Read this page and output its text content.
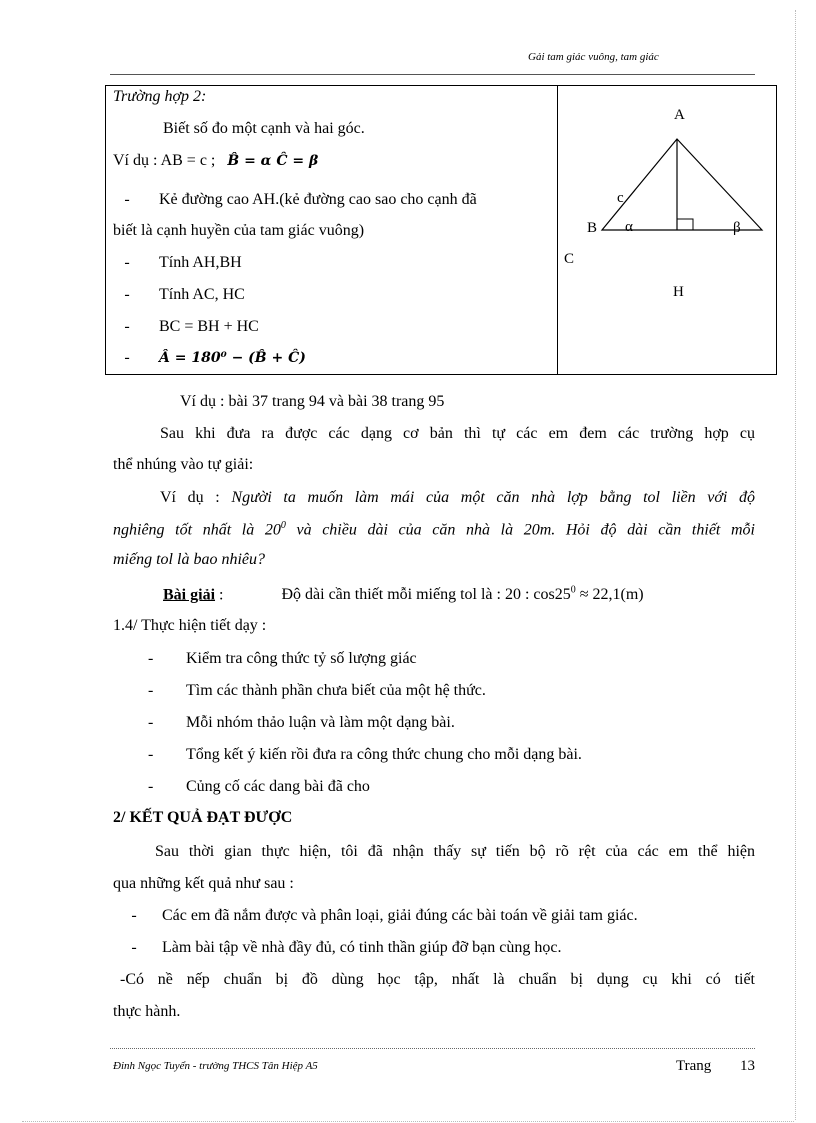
Gải tam giác vuông, tam giác
Trường hợp 2:
Biết số đo một cạnh và hai góc.
Ví dụ : AB = c ; B̂ = α Ĉ = β
- Kẻ đường cao AH.(kẻ đường cao sao cho cạnh đã
biết là cạnh huyền của tam giác vuông)
- Tính AH,BH
- Tính AC, HC
- BC = BH + HC
- Â = 180⁰ − (B̂ + Ĉ)
A
B
c
α	β
C
H
Ví dụ : bài 37 trang 94 và bài 38 trang 95
Sau khi đưa ra được các dạng cơ bản thì tự các em đem các trường hợp cụ
thể nhúng vào tự giải:
Ví dụ : Người ta muốn làm mái của một căn nhà lợp bằng tol liền với độ
nghiêng tốt nhất là $20^0$ và chiều dài của căn nhà là 20m. Hỏi độ dài cần thiết mỗi
miếng tol là bao nhiêu?
Bài giải :	Độ dài cần thiết mỗi miếng tol là : 20 : $\cos 25^0 \approx 22,1(m)$
1.4/ Thực hiện tiết dạy :
- Kiểm tra công thức tỷ số lượng giác
- Tìm các thành phần chưa biết của một hệ thức.
- Mỗi nhóm thảo luận và làm một dạng bài.
- Tổng kết ý kiến rồi đưa ra công thức chung cho mỗi dạng bài.
- Củng cố các dang bài đã cho
2/ KẾT QUẢ ĐẠT ĐƯỢC
Sau thời gian thực hiện, tôi đã nhận thấy sự tiến bộ rõ rệt của các em thể hiện
qua những kết quả như sau :
- Các em đã nắm được và phân loại, giải đúng các bài toán về giải tam giác.
- Làm bài tập về nhà đầy đủ, có tinh thần giúp đỡ bạn cùng học.
-Có nề nếp chuẩn bị đồ dùng học tập, nhất là chuẩn bị dụng cụ khi có tiết
thực hành.
Đinh Ngọc Tuyển - trường THCS Tân Hiệp A5	Trang 13
